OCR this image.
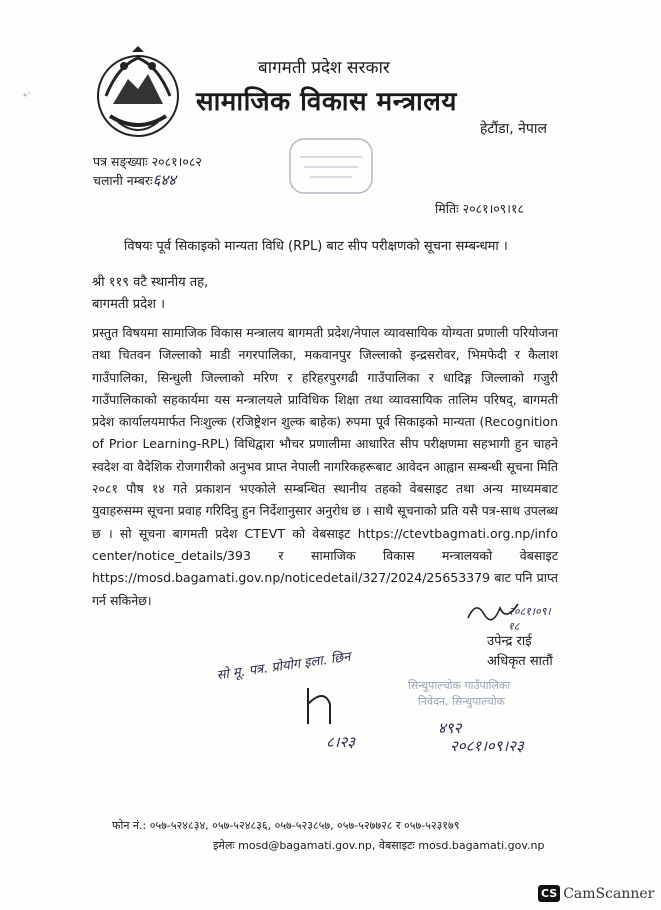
बागमती प्रदेश सरकार
सामाजिक विकास मन्त्रालय
हेटौंडा, नेपाल
पत्र सङ्ख्याः २०८१।०८२
चलानी नम्बरः६४४
मितिः २०८१।०९।१८
विषयः पूर्व सिकाइको मान्यता विधि (RPL) बाट सीप परीक्षणको सूचना सम्बन्धमा ।
श्री ११९ वटै स्थानीय तह,
बागमती प्रदेश ।
प्रस्तुत विषयमा सामाजिक विकास मन्त्रालय बागमती प्रदेश/नेपाल व्यावसायिक योग्यता प्रणाली परियोजना तथा चितवन जिल्लाको माडी नगरपालिका, मकवानपुर जिल्लाको इन्द्रसरोवर, भिमफेदी र कैलाश गाउँपालिका, सिन्धुली जिल्लाको मरिण र हरिहरपुरगढी गाउँपालिका र धादिङ्ग जिल्लाको गजुरी गाउँपालिकाको सहकार्यमा यस मन्त्रालयले प्राविधिक शिक्षा तथा व्यावसायिक तालिम परिषद्, बागमती प्रदेश कार्यालयमार्फत निःशुल्क (रजिष्ट्रेशन शुल्क बाहेक) रुपमा पूर्व सिकाइको मान्यता (Recognition of Prior Learning-RPL) विधिद्वारा भौचर प्रणालीमा आधारित सीप परीक्षणमा सहभागी हुन चाहने स्वदेश वा वैदेशिक रोजगारीको अनुभव प्राप्त नेपाली नागरिकहरूबाट आवेदन आह्वान सम्बन्धी सूचना मिति २०८१ पौष १४ गते प्रकाशन भएकोले सम्बन्धित स्थानीय तहको वेबसाइट तथा अन्य माध्यमबाट युवाहरुसम्म सूचना प्रवाह गरिदिनु हुन निर्देशानुसार अनुरोध छ । साथै सूचनाको प्रति यसै पत्र-साथ उपलब्ध छ । सो सूचना बागमती प्रदेश CTEVT को वेबसाइट https://ctevtbagmati.org.np/info center/notice_details/393 र सामाजिक विकास मन्त्रालयको वेबसाइट https://mosd.bagamati.gov.np/noticedetail/327/2024/25653379 बाट पनि प्राप्त गर्न सकिनेछ।
२०८१।०९।१८
उपेन्द्र राई
अधिकृत सातौं
सो मू. पत्र. प्रोयोग इला. छिन
८।२३
सिन्धुपाल्चोक गाउँपालिका
निवेदन, सिन्धुपाल्चोक
४९२
२०८१।०९।२३
फोन नं.: ०५७-५२४८३४, ०५७-५२४८३६, ०५७-५२३८५७, ०५७-५२७७२८ र ०५७-५२३१७९
इमेलः mosd@bagamati.gov.np, वेबसाइटः mosd.bagamati.gov.np
CS CamScanner
